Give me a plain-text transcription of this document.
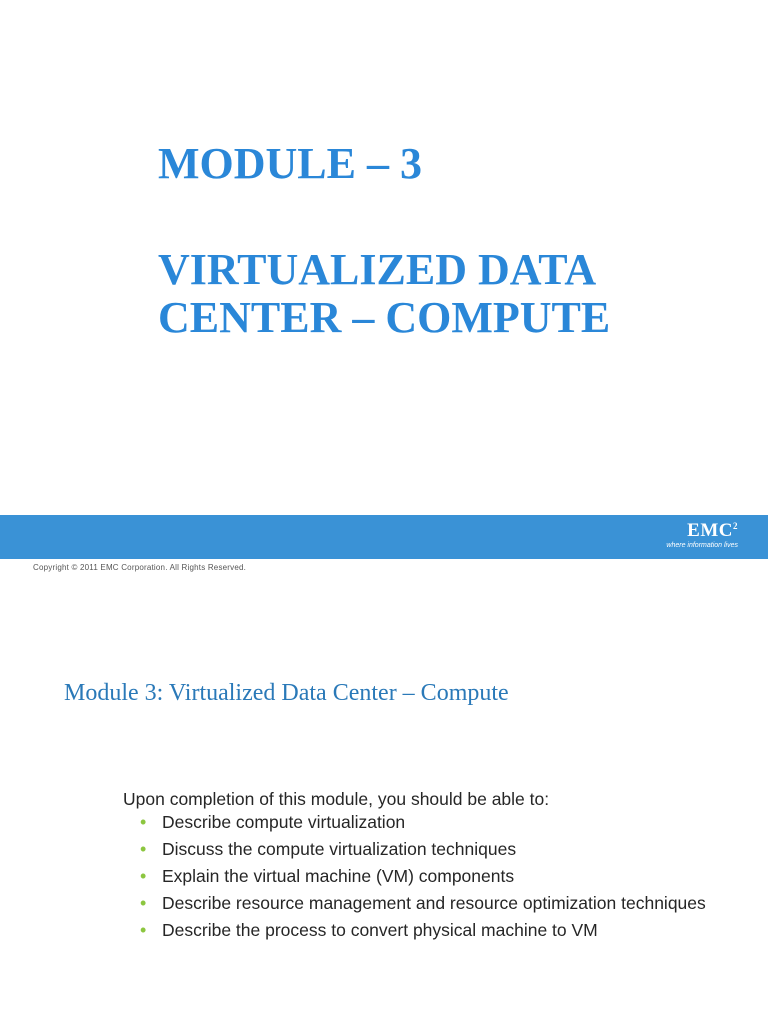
MODULE – 3
VIRTUALIZED DATA
CENTER – COMPUTE
EMC$^2$
where information lives
Copyright © 2011 EMC Corporation. All Rights Reserved.
Module 3: Virtualized Data Center – Compute
Upon completion of this module, you should be able to:
• Describe compute virtualization
• Discuss the compute virtualization techniques
• Explain the virtual machine (VM) components
• Describe resource management and resource optimization techniques
• Describe the process to convert physical machine to VM
